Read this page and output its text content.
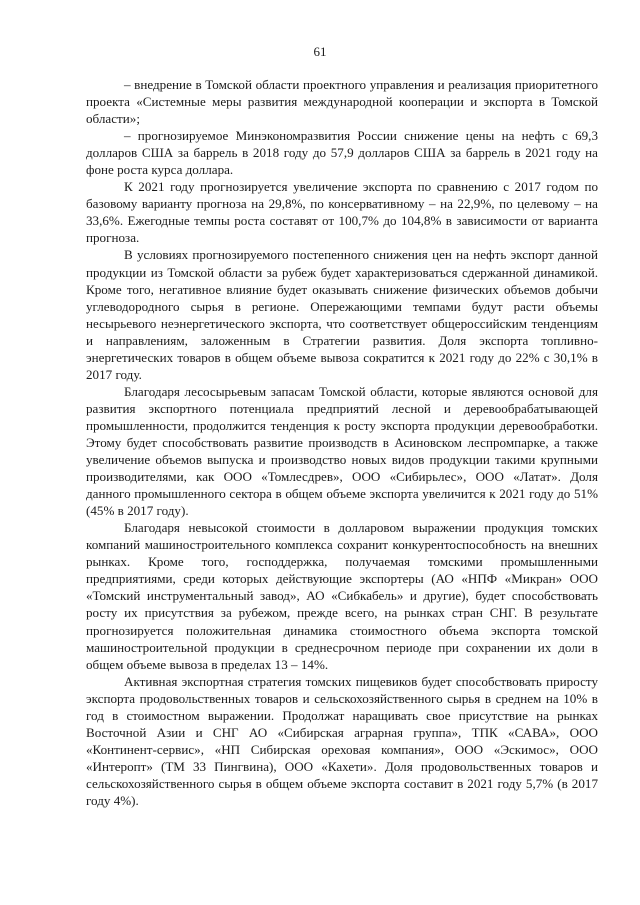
61

– внедрение в Томской области проектного управления и реализация приоритетного проекта «Системные меры развития международной кооперации и экспорта в Томской области»;

– прогнозируемое Минэкономразвития России снижение цены на нефть с 69,3 долларов США за баррель в 2018 году до 57,9 долларов США за баррель в 2021 году на фоне роста курса доллара.

К 2021 году прогнозируется увеличение экспорта по сравнению с 2017 годом по базовому варианту прогноза на 29,8%, по консервативному – на 22,9%, по целевому – на 33,6%. Ежегодные темпы роста составят от 100,7% до 104,8% в зависимости от варианта прогноза.

В условиях прогнозируемого постепенного снижения цен на нефть экспорт данной продукции из Томской области за рубеж будет характеризоваться сдержанной динамикой. Кроме того, негативное влияние будет оказывать снижение физических объемов добычи углеводородного сырья в регионе. Опережающими темпами будут расти объемы несырьевого неэнергетического экспорта, что соответствует общероссийским тенденциям и направлениям, заложенным в Стратегии развития. Доля экспорта топливно-энергетических товаров в общем объеме вывоза сократится к 2021 году до 22% с 30,1% в 2017 году.

Благодаря лесосырьевым запасам Томской области, которые являются основой для развития экспортного потенциала предприятий лесной и деревообрабатывающей промышленности, продолжится тенденция к росту экспорта продукции деревообработки. Этому будет способствовать развитие производств в Асиновском леспромпарке, а также увеличение объемов выпуска и производство новых видов продукции такими крупными производителями, как ООО «Томлесдрев», ООО «Сибирьлес», ООО «Латат». Доля данного промышленного сектора в общем объеме экспорта увеличится к 2021 году до 51% (45% в 2017 году).

Благодаря невысокой стоимости в долларовом выражении продукция томских компаний машиностроительного комплекса сохранит конкурентоспособность на внешних рынках. Кроме того, господдержка, получаемая томскими промышленными предприятиями, среди которых действующие экспортеры (АО «НПФ «Микран» ООО «Томский инструментальный завод», АО «Сибкабель» и другие), будет способствовать росту их присутствия за рубежом, прежде всего, на рынках стран СНГ. В результате прогнозируется положительная динамика стоимостного объема экспорта томской машиностроительной продукции в среднесрочном периоде при сохранении их доли в общем объеме вывоза в пределах 13 – 14%.

Активная экспортная стратегия томских пищевиков будет способствовать приросту экспорта продовольственных товаров и сельскохозяйственного сырья в среднем на 10% в год в стоимостном выражении. Продолжат наращивать свое присутствие на рынках Восточной Азии и СНГ АО «Сибирская аграрная группа», ТПК «САВА», ООО «Континент-сервис», «НП Сибирская ореховая компания», ООО «Эскимос», ООО «Интеропт» (ТМ 33 Пингвина), ООО «Кахети». Доля продовольственных товаров и сельскохозяйственного сырья в общем объеме экспорта составит в 2021 году 5,7% (в 2017 году 4%).
